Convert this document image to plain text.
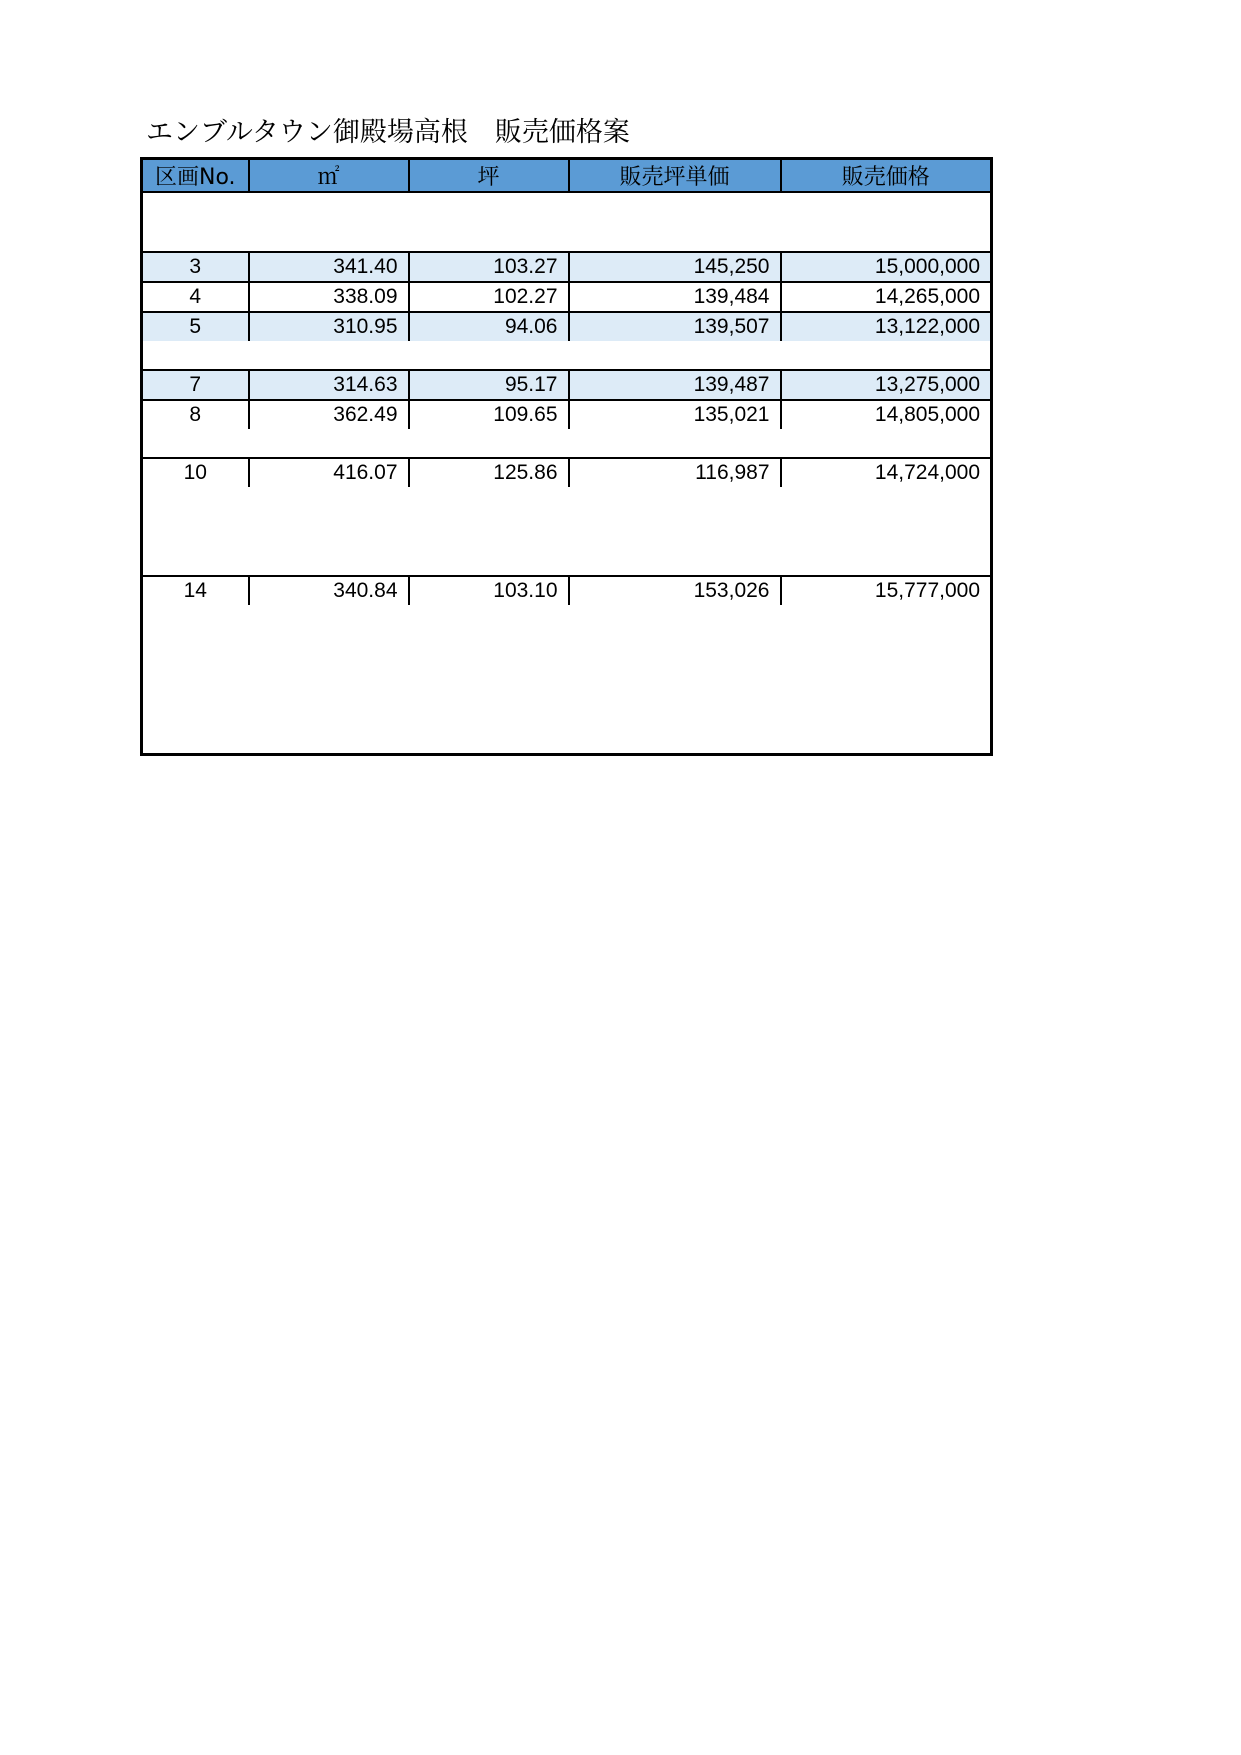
エンブルタウン御殿場高根　販売価格案
区画No.	㎡	坪	販売坪単価	販売価格

3	341.40	103.27	145,250	15,000,000
4	338.09	102.27	139,484	14,265,000
5	310.95	94.06	139,507	13,122,000

7	314.63	95.17	139,487	13,275,000
8	362.49	109.65	135,021	14,805,000

10	416.07	125.86	116,987	14,724,000

14	340.84	103.10	153,026	15,777,000
